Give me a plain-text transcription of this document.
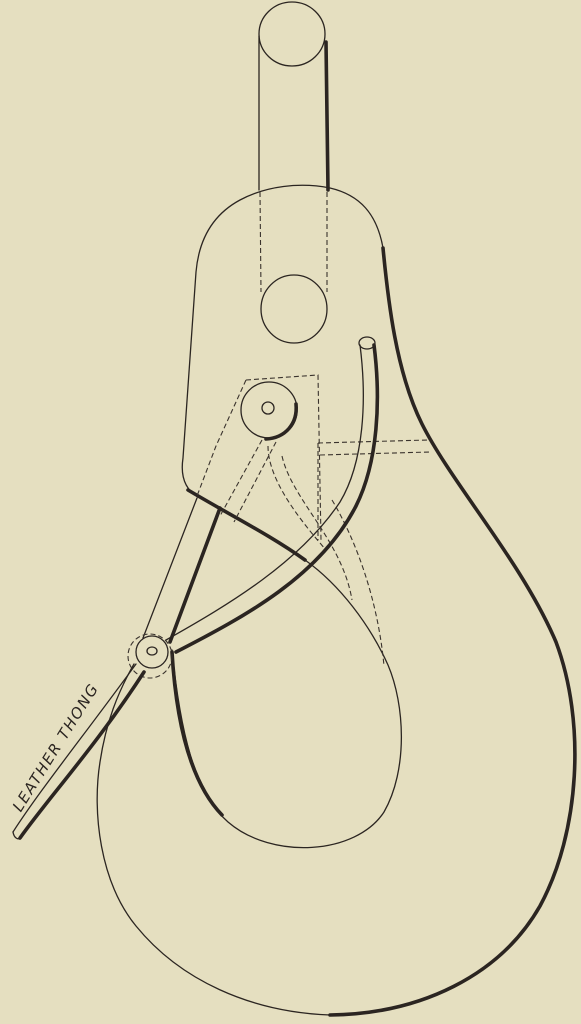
LEATHER THONG
